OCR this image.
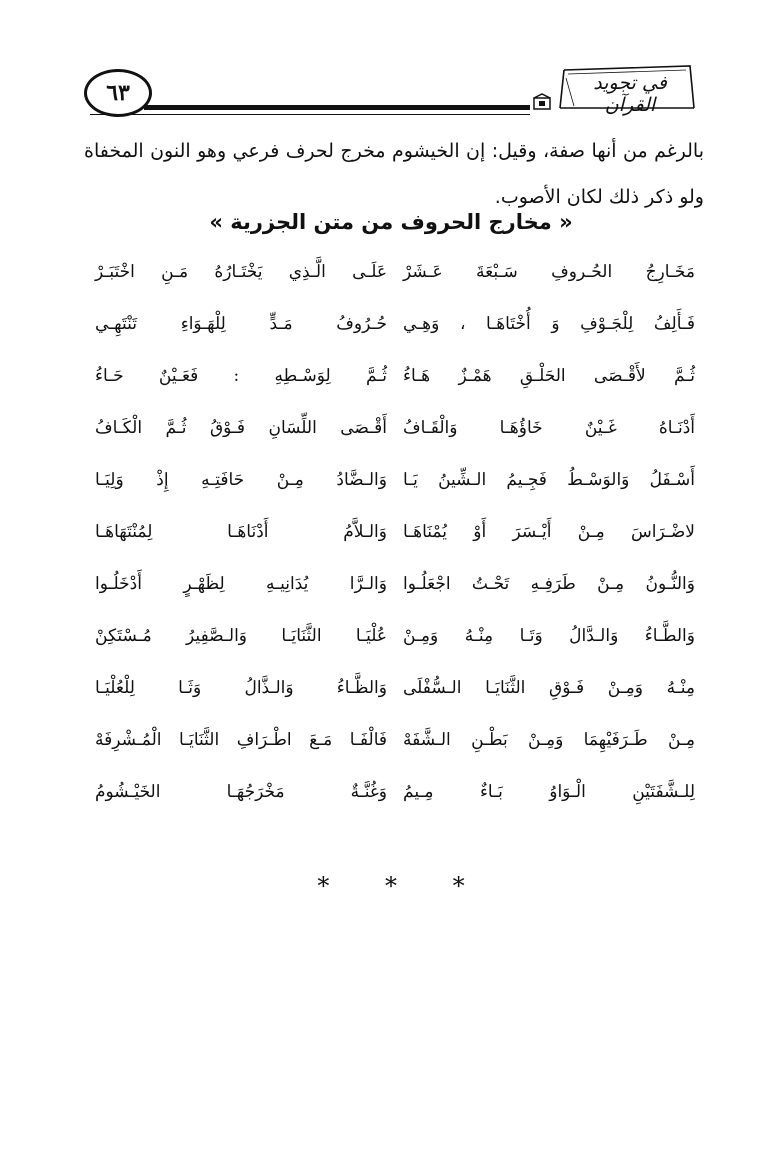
في تجويد القرآن
٦٣
بالرغم من أنها صفة، وقيل: إن الخيشوم مخرج لحرف فرعي وهو النون المخفاة ولو ذكر ذلك لكان الأصوب.
« مخارج الحروف من متن الجزرية »
مَخَـارِجُ الحُـروفِ سَـبْعَةَ عَـشَرْ
عَلَـى الَّـذِي يَخْتَـارُهُ مَـنِ اخْتَبَـرْ
فَـأَلِفُ لِلْجَـوْفِ وَ أُخْتَاهَـا ، وَهِـي
حُـرُوفُ مَـدٍّ لِلْهَـوَاءِ تَنْتَهِـي
ثُـمَّ لأَقْـصَى الحَلْـقِ هَمْـزٌ هَـاءُ
ثُـمَّ لِوَسْـطِهِ : فَعَـيْنٌ حَـاءُ
أَدْنَـاهُ غَـيْنٌ خَاؤُهَـا وَالْقَـافُ
أَقْـصَى اللِّسَانِ فَـوْقُ ثُـمَّ الْكَـافُ
أَسْـفَلُ وَالوَسْـطُ فَجِـيمُ الـشِّينُ يَـا
وَالـضَّادُ مِـنْ حَافَتِـهِ إِذْ وَلِيَـا
لاضْـرَاسَ مِـنْ أَيْـسَرَ أَوْ يُمْنَاهَـا
وَالـلاَّمُ أَدْنَاهَـا لِمُنْتَهَاهَـا
وَالنُّـونُ مِـنْ طَرَفِـهِ تَحْـتُ اجْعَلُـوا
وَالـرَّا يُدَانِيـهِ لِظَهْـرٍ أَدْخَلُـوا
وَالطَّـاءُ وَالـدَّالُ وَتَـا مِنْـهُ وَمِـنْ
عُلْيَـا الثَّنَايَـا وَالـصَّفِيرُ مُـسْتَكِنْ
مِنْـهُ وَمِـنْ فَـوْقِ الثَّنَايَـا الـسُّفْلَى
وَالظَّـاءُ وَالـذَّالُ وَثَـا لِلْعُلْيَـا
مِـنْ طَـرَفَيْهِمَا وَمِـنْ بَطْـنِ الـشَّفَهْ
فَالْفَـا مَـعَ اطْـرَافِ الثَّنَايَـا الْمُـشْرِفَهْ
لِلـشَّفَتَيْنِ الْـوَاوُ بَـاءٌ مِـيمُ
وَغُنَّـةٌ مَخْرَجُهَـا الخَيْـشُومُ
* * *
